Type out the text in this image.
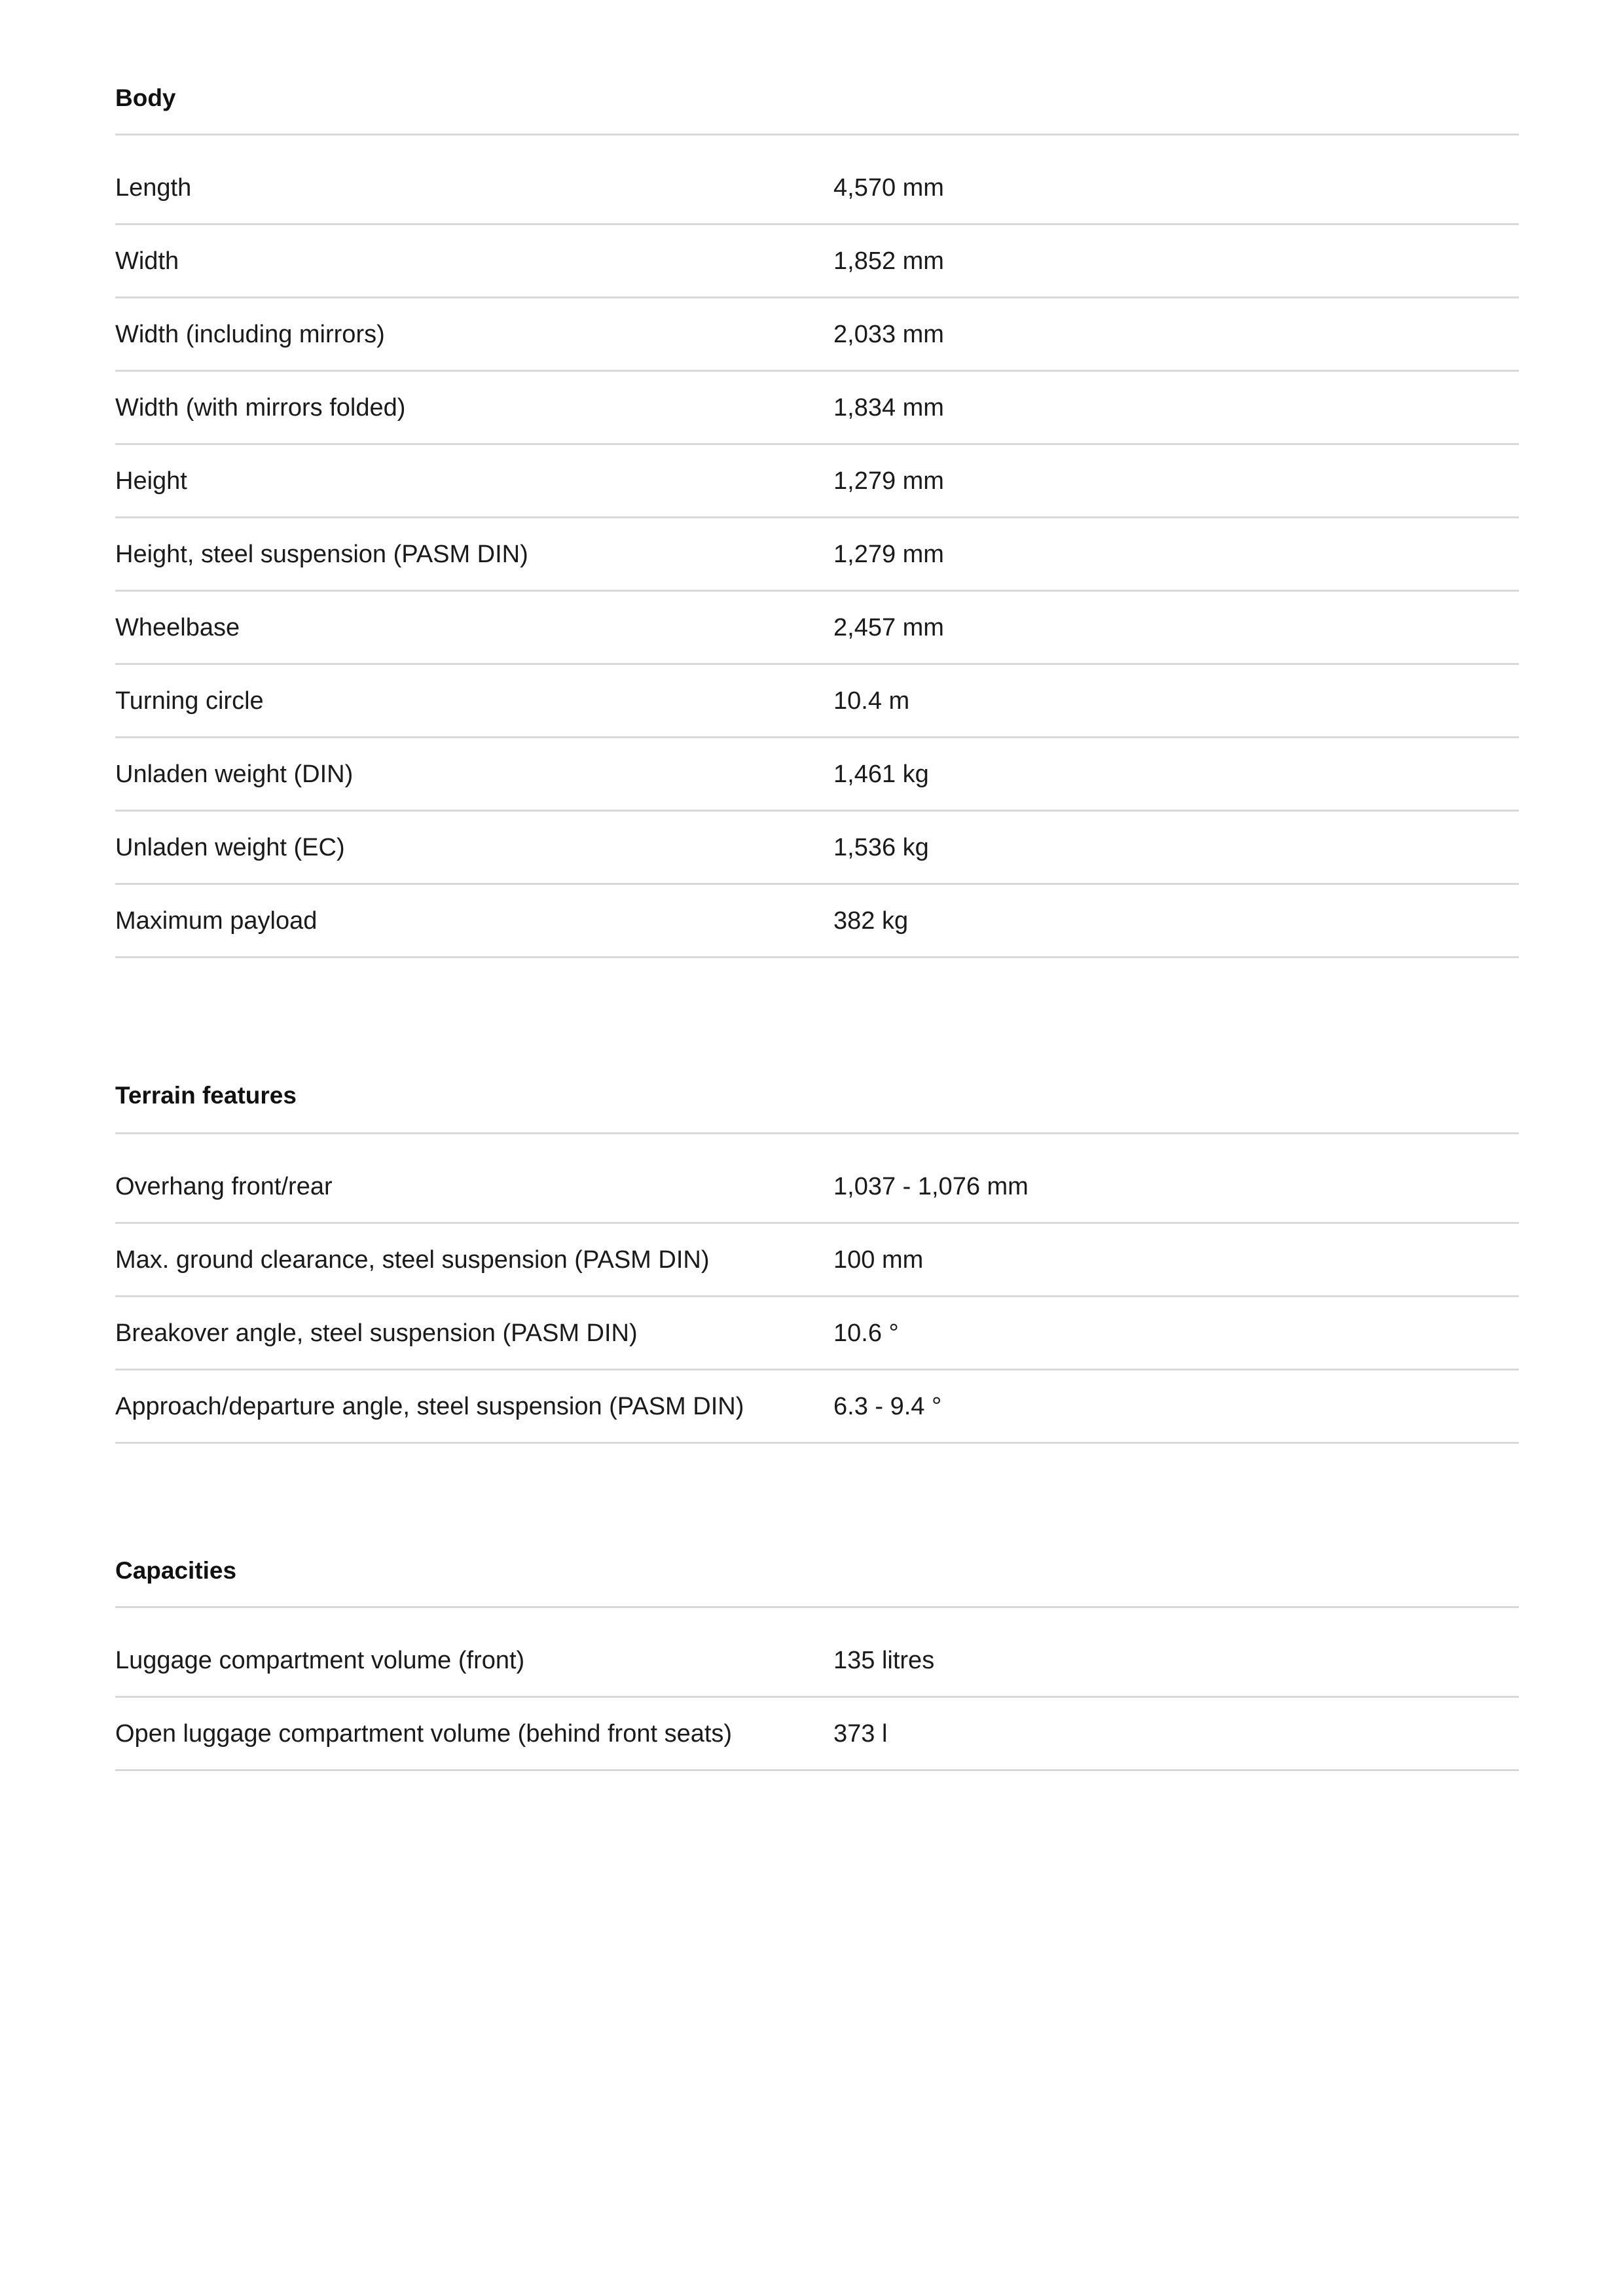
Body
Length	4,570 mm
Width	1,852 mm
Width (including mirrors)	2,033 mm
Width (with mirrors folded)	1,834 mm
Height	1,279 mm
Height, steel suspension (PASM DIN)	1,279 mm
Wheelbase	2,457 mm
Turning circle	10.4 m
Unladen weight (DIN)	1,461 kg
Unladen weight (EC)	1,536 kg
Maximum payload	382 kg
Terrain features
Overhang front/rear	1,037 - 1,076 mm
Max. ground clearance, steel suspension (PASM DIN)	100 mm
Breakover angle, steel suspension (PASM DIN)	10.6 °
Approach/departure angle, steel suspension (PASM DIN)	6.3 - 9.4 °
Capacities
Luggage compartment volume (front)	135 litres
Open luggage compartment volume (behind front seats)	373 l
